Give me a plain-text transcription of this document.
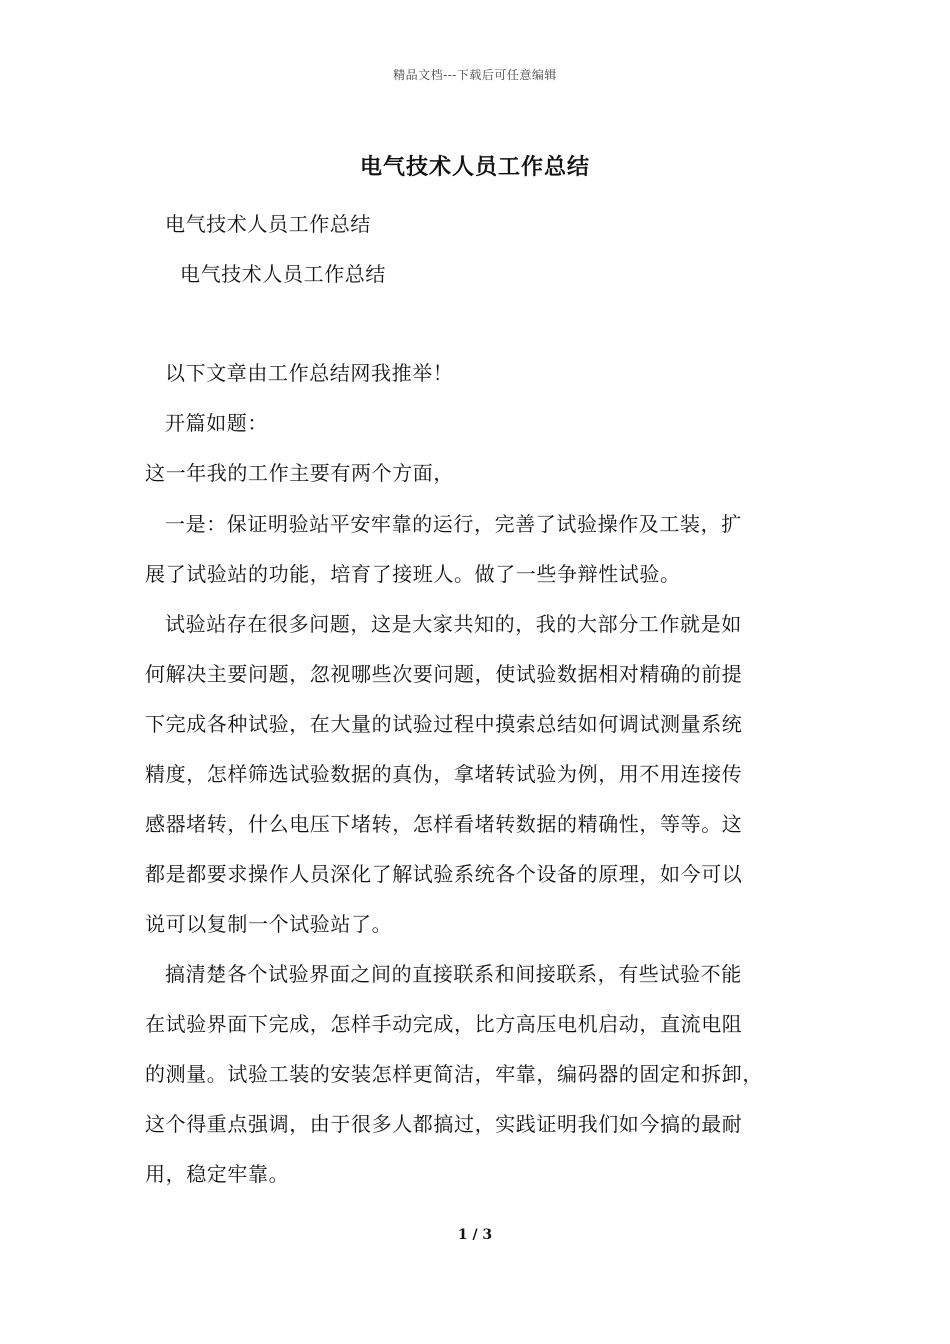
精品文档---下载后可任意编辑
电气技术人员工作总结
电气技术人员工作总结
电气技术人员工作总结
以下文章由工作总结网我推举！
开篇如题：
这一年我的工作主要有两个方面，
一是：保证明验站平安牢靠的运行，完善了试验操作及工装，扩
展了试验站的功能，培育了接班人。做了一些争辩性试验。
试验站存在很多问题，这是大家共知的，我的大部分工作就是如
何解决主要问题，忽视哪些次要问题，使试验数据相对精确的前提
下完成各种试验，在大量的试验过程中摸索总结如何调试测量系统
精度，怎样筛选试验数据的真伪，拿堵转试验为例，用不用连接传
感器堵转，什么电压下堵转，怎样看堵转数据的精确性，等等。这
都是都要求操作人员深化了解试验系统各个设备的原理，如今可以
说可以复制一个试验站了。
搞清楚各个试验界面之间的直接联系和间接联系，有些试验不能
在试验界面下完成，怎样手动完成，比方高压电机启动，直流电阻
的测量。试验工装的安装怎样更简洁，牢靠，编码器的固定和拆卸，
这个得重点强调，由于很多人都搞过，实践证明我们如今搞的最耐
用，稳定牢靠。
1 / 3
